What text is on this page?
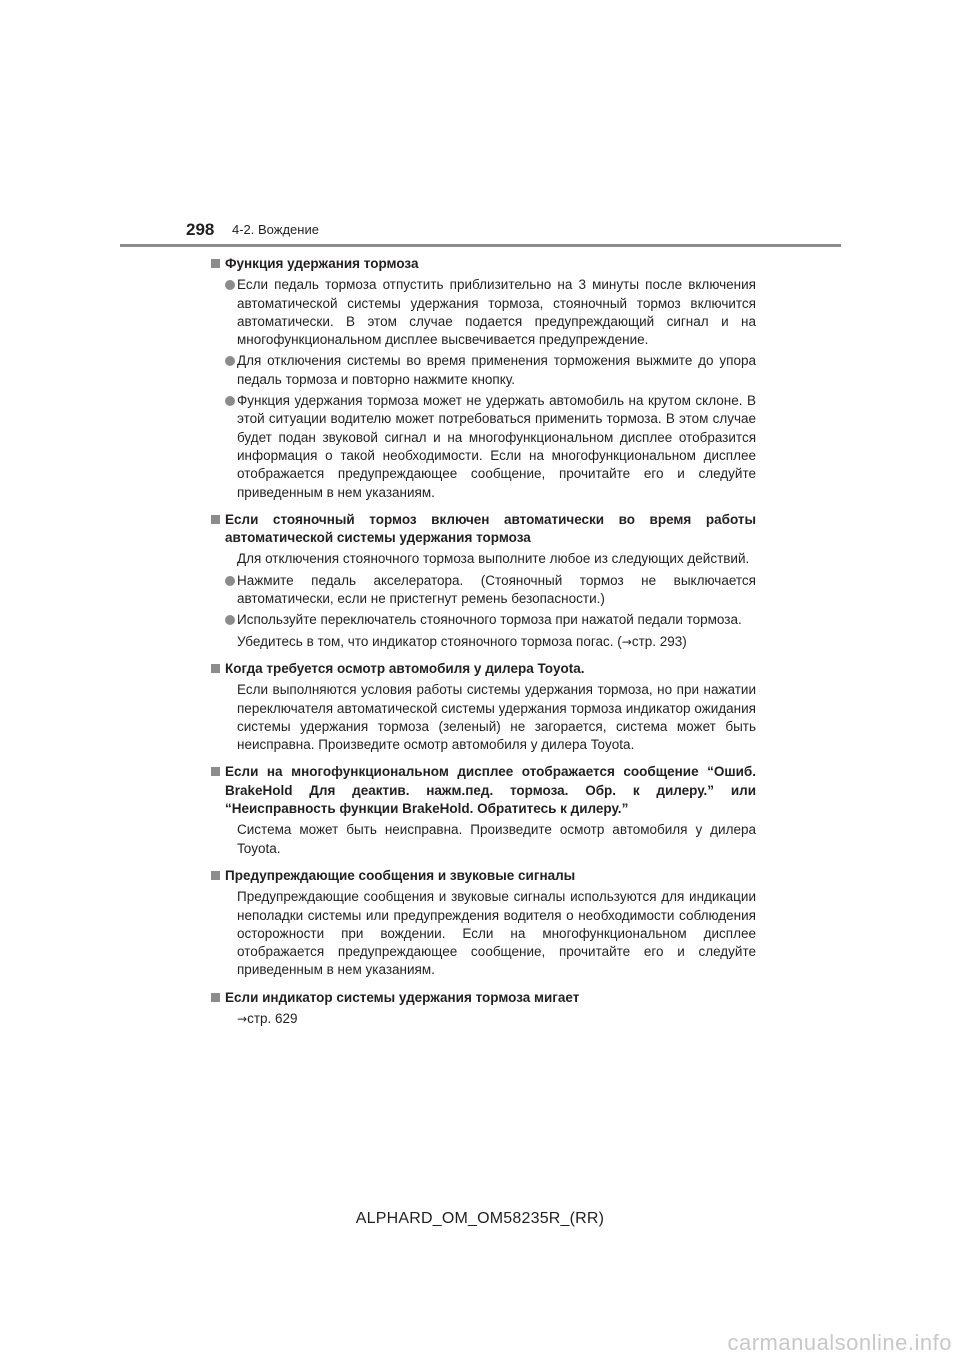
298 4-2. Вождение
Функция удержания тормоза
Если педаль тормоза отпустить приблизительно на 3 минуты после включения автоматической системы удержания тормоза, стояночный тормоз включится автоматически. В этом случае подается предупреждающий сигнал и на многофункциональном дисплее высвечивается предупреждение.
Для отключения системы во время применения торможения выжмите до упора педаль тормоза и повторно нажмите кнопку.
Функция удержания тормоза может не удержать автомобиль на крутом склоне. В этой ситуации водителю может потребоваться применить тормоза. В этом случае будет подан звуковой сигнал и на многофункциональном дисплее отобразится информация о такой необходимости. Если на многофункциональном дисплее отображается предупреждающее сообщение, прочитайте его и следуйте приведенным в нем указаниям.
Если стояночный тормоз включен автоматически во время работы автоматической системы удержания тормоза
Для отключения стояночного тормоза выполните любое из следующих действий.
Нажмите педаль акселератора. (Стояночный тормоз не выключается автоматически, если не пристегнут ремень безопасности.)
Используйте переключатель стояночного тормоза при нажатой педали тормоза.
Убедитесь в том, что индикатор стояночного тормоза погас. (→стр. 293)
Когда требуется осмотр автомобиля у дилера Toyota.
Если выполняются условия работы системы удержания тормоза, но при нажатии переключателя автоматической системы удержания тормоза индикатор ожидания системы удержания тормоза (зеленый) не загорается, система может быть неисправна. Произведите осмотр автомобиля у дилера Toyota.
Если на многофункциональном дисплее отображается сообщение “Ошиб. BrakeHold Для деактив. нажм.пед. тормоза. Обр. к дилеру.” или “Неисправность функции BrakeHold. Обратитесь к дилеру.”
Система может быть неисправна. Произведите осмотр автомобиля у дилера Toyota.
Предупреждающие сообщения и звуковые сигналы
Предупреждающие сообщения и звуковые сигналы используются для индикации неполадки системы или предупреждения водителя о необходимости соблюдения осторожности при вождении. Если на многофункциональном дисплее отображается предупреждающее сообщение, прочитайте его и следуйте приведенным в нем указаниям.
Если индикатор системы удержания тормоза мигает
→стр. 629
ALPHARD_OM_OM58235R_(RR)
carmanualsonline.info
